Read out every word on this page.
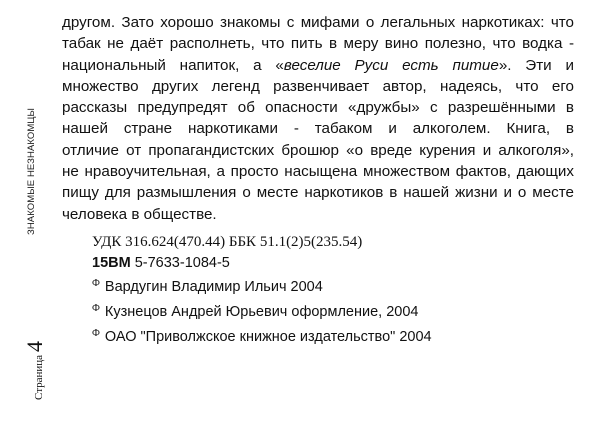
ЗНАКОМЫЕ НЕЗНАКОМЦЫ
Страница4
другом. Зато хорошо знакомы с мифами о легальных наркотиках: что
табак не даёт располнеть, что пить в меру вино полезно, что водка -
национальный напиток, а «веселие Руси есть питие». Эти и
множество других легенд развенчивает автор, надеясь, что его
рассказы предупредят об опасности «дружбы» с разрешёнными в
нашей стране наркотиками - табаком и алкоголем. Книга, в
отличие от пропагандистских брошюр «о вреде курения и алкоголя»,
не нравоучительная, а просто насыщена множеством фактов, дающих
пищу для размышления о месте наркотиков в нашей жизни и о месте
человека в обществе.
УДК 316.624(470.44) ББК 51.1(2)5(235.54)
15ВМ 5-7633-1084-5
$^Ф$ Вардугин Владимир Ильич 2004
$^Ф$ Кузнецов Андрей Юрьевич оформление, 2004
$^Ф$ ОАО "Приволжское книжное издательство" 2004
